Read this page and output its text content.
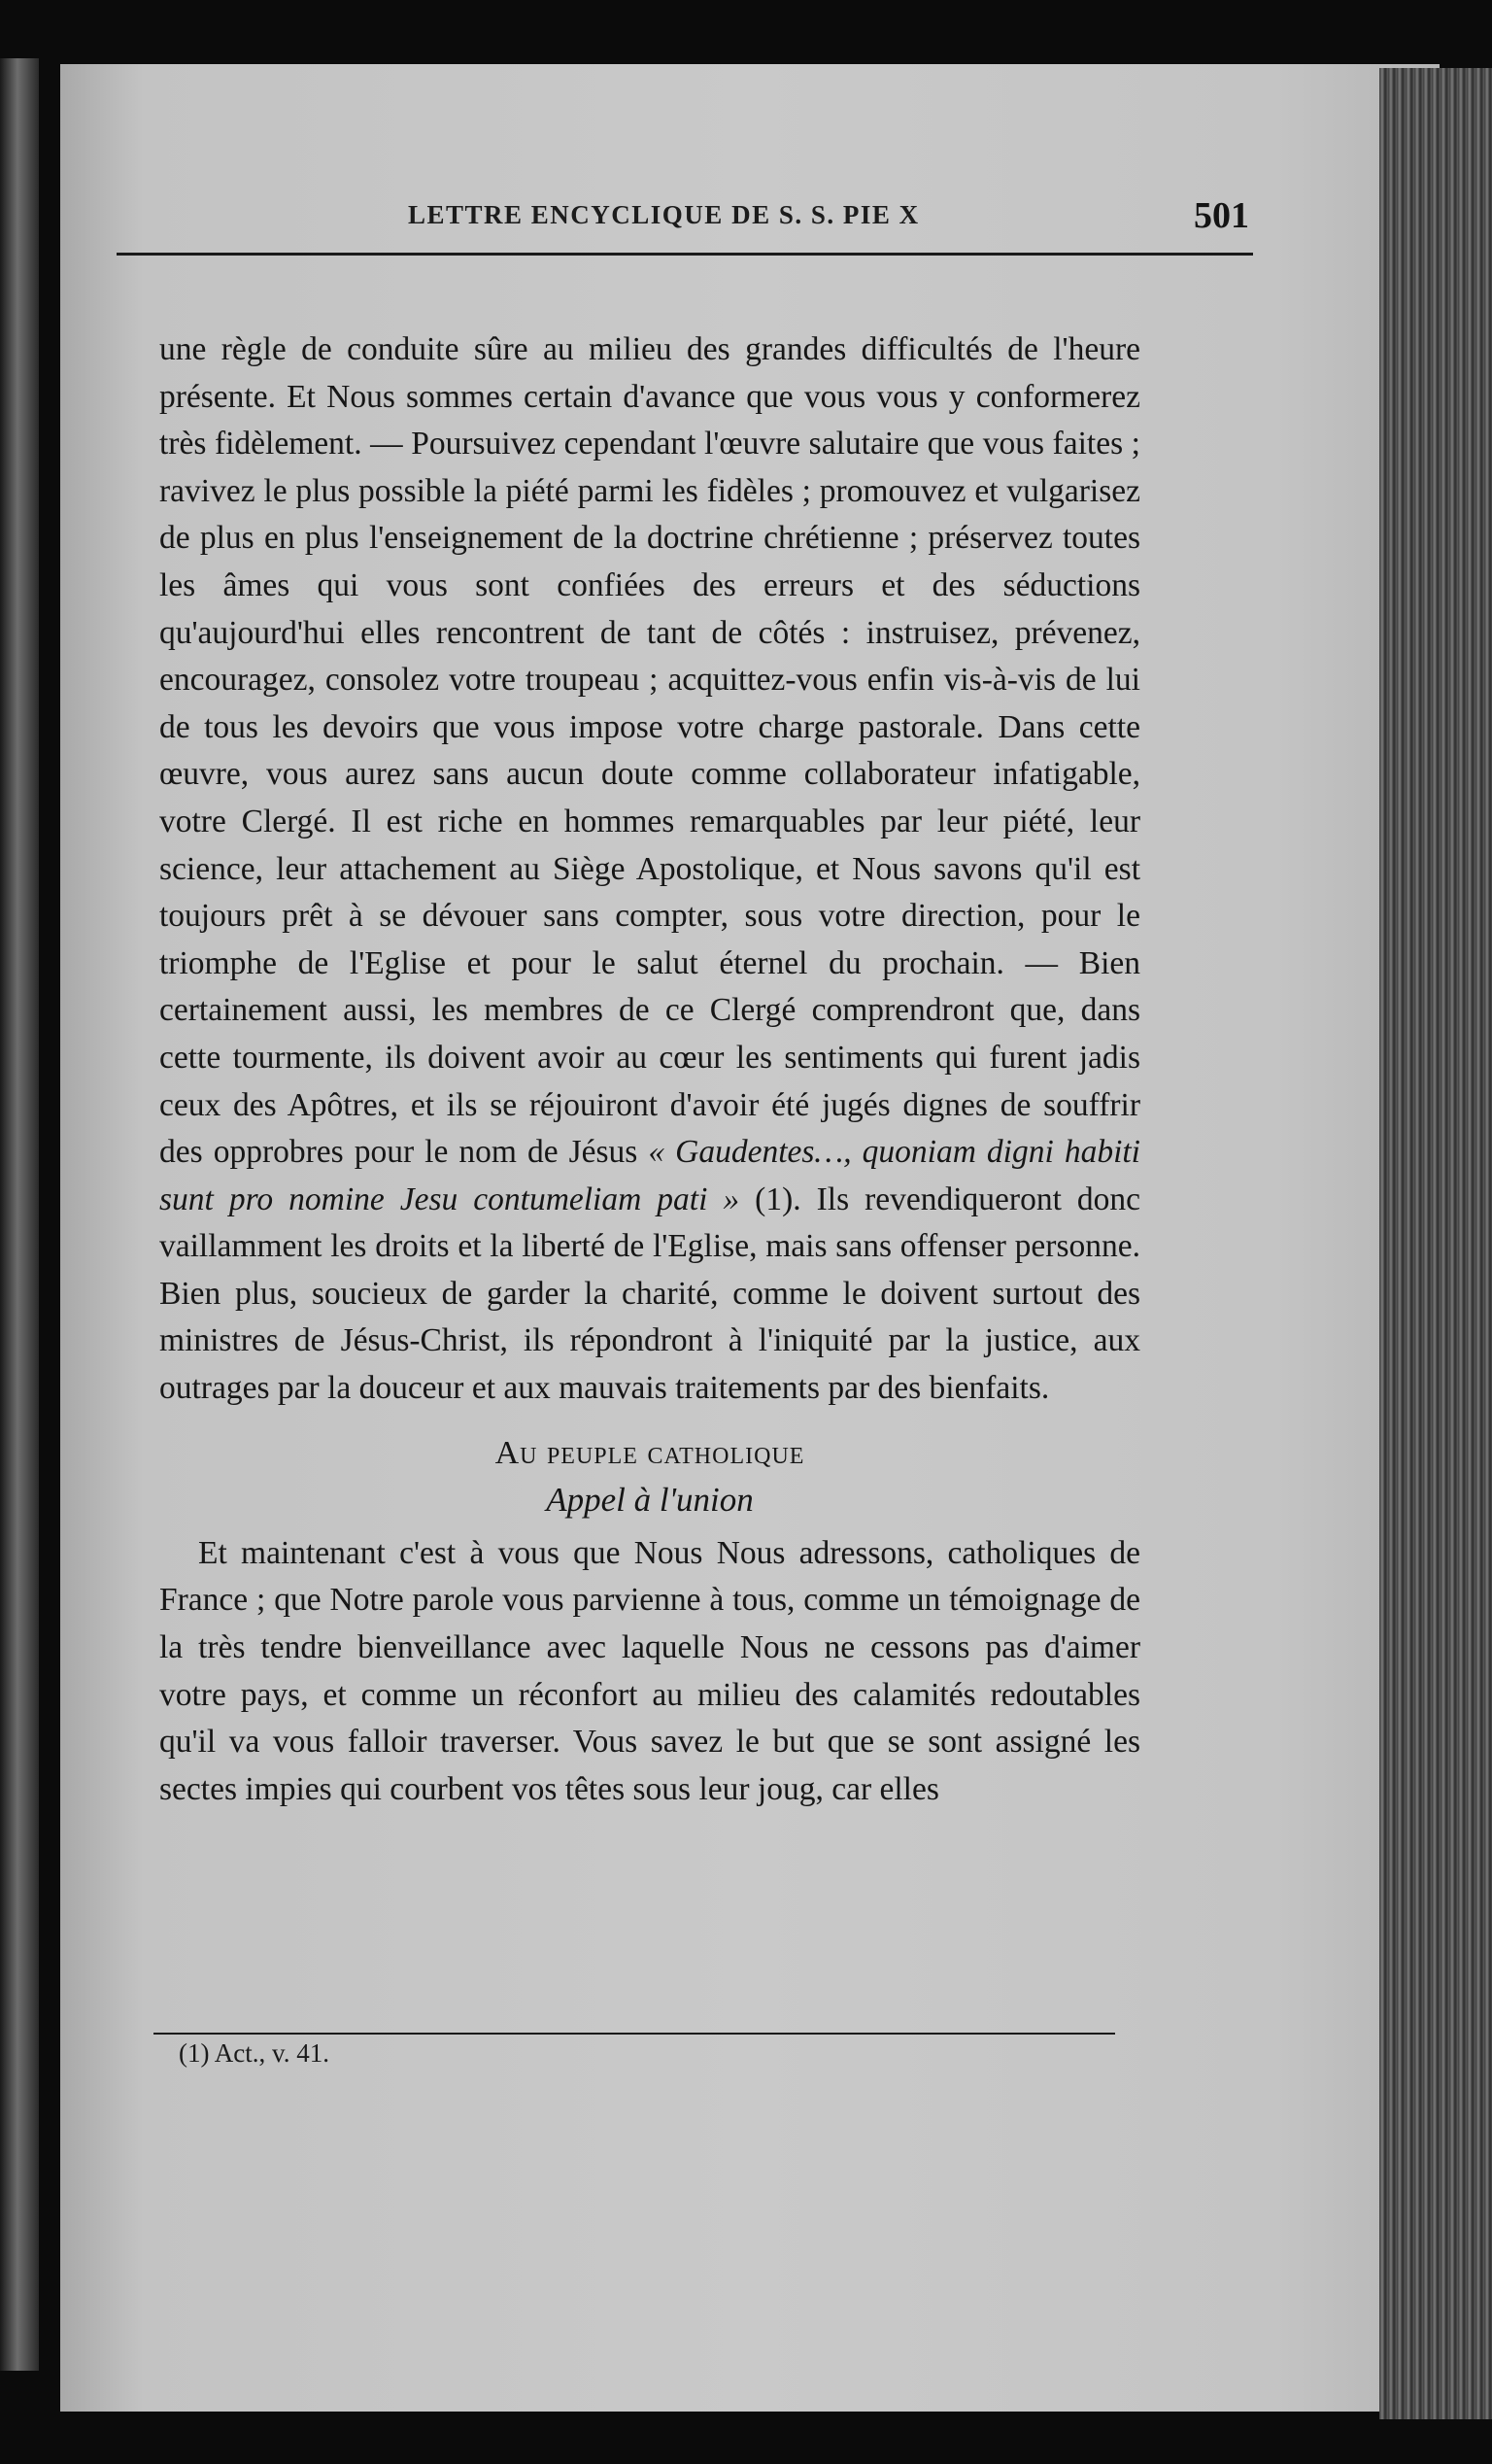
LETTRE ENCYCLIQUE DE S. S. PIE X	501

une règle de conduite sûre au milieu des grandes difficultés de l'heure présente. Et Nous sommes certain d'avance que vous vous y conformerez très fidèlement. — Poursuivez cependant l'œuvre salutaire que vous faites ; ravivez le plus possible la piété parmi les fidèles ; promouvez et vulgarisez de plus en plus l'enseignement de la doctrine chrétienne ; préservez toutes les âmes qui vous sont confiées des erreurs et des séductions qu'aujourd'hui elles rencontrent de tant de côtés : instruisez, prévenez, encouragez, consolez votre troupeau ; acquittez-vous enfin vis-à-vis de lui de tous les devoirs que vous impose votre charge pastorale. Dans cette œuvre, vous aurez sans aucun doute comme collaborateur infatigable, votre Clergé. Il est riche en hommes remarquables par leur piété, leur science, leur attachement au Siège Apostolique, et Nous savons qu'il est toujours prêt à se dévouer sans compter, sous votre direction, pour le triomphe de l'Eglise et pour le salut éternel du prochain. — Bien certainement aussi, les membres de ce Clergé comprendront que, dans cette tourmente, ils doivent avoir au cœur les sentiments qui furent jadis ceux des Apôtres, et ils se réjouiront d'avoir été jugés dignes de souffrir des opprobres pour le nom de Jésus « Gaudentes…, quoniam digni habiti sunt pro nomine Jesu contumeliam pati » (1). Ils revendiqueront donc vaillamment les droits et la liberté de l'Eglise, mais sans offenser personne. Bien plus, soucieux de garder la charité, comme le doivent surtout des ministres de Jésus-Christ, ils répondront à l'iniquité par la justice, aux outrages par la douceur et aux mauvais traitements par des bienfaits.

Au peuple catholique

Appel à l'union

Et maintenant c'est à vous que Nous Nous adressons, catholiques de France ; que Notre parole vous parvienne à tous, comme un témoignage de la très tendre bienveillance avec laquelle Nous ne cessons pas d'aimer votre pays, et comme un réconfort au milieu des calamités redoutables qu'il va vous falloir traverser. Vous savez le but que se sont assigné les sectes impies qui courbent vos têtes sous leur joug, car elles

(1) Act., v. 41.
